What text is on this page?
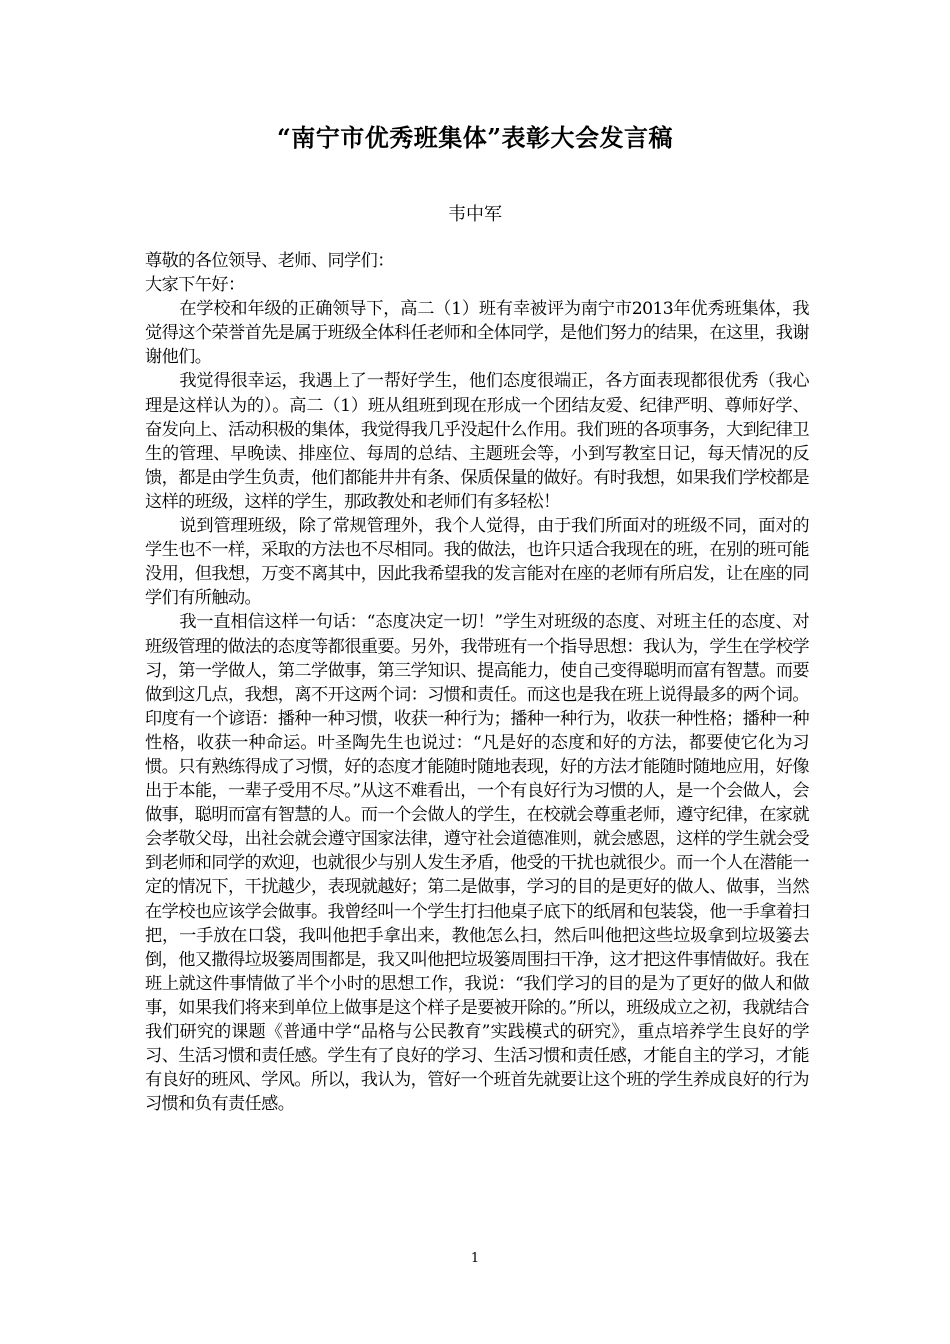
“南宁市优秀班集体”表彰大会发言稿
韦中军

尊敬的各位领导、老师、同学们：

大家下午好：

在学校和年级的正确领导下，高二（1）班有幸被评为南宁市2013年优秀班集体，我觉得这个荣誉首先是属于班级全体科任老师和全体同学，是他们努力的结果，在这里，我谢谢他们。

我觉得很幸运，我遇上了一帮好学生，他们态度很端正，各方面表现都很优秀（我心理是这样认为的）。高二（1）班从组班到现在形成一个团结友爱、纪律严明、尊师好学、奋发向上、活动积极的集体，我觉得我几乎没起什么作用。我们班的各项事务，大到纪律卫生的管理、早晚读、排座位、每周的总结、主题班会等，小到写教室日记，每天情况的反馈，都是由学生负责，他们都能井井有条、保质保量的做好。有时我想，如果我们学校都是这样的班级，这样的学生，那政教处和老师们有多轻松！

说到管理班级，除了常规管理外，我个人觉得，由于我们所面对的班级不同，面对的学生也不一样，采取的方法也不尽相同。我的做法，也许只适合我现在的班，在别的班可能没用，但我想，万变不离其中，因此我希望我的发言能对在座的老师有所启发，让在座的同学们有所触动。

我一直相信这样一句话：“态度决定一切！”学生对班级的态度、对班主任的态度、对班级管理的做法的态度等都很重要。另外，我带班有一个指导思想：我认为，学生在学校学习，第一学做人，第二学做事，第三学知识、提高能力，使自己变得聪明而富有智慧。而要做到这几点，我想，离不开这两个词：习惯和责任。而这也是我在班上说得最多的两个词。印度有一个谚语：播种一种习惯，收获一种行为；播种一种行为，收获一种性格；播种一种性格，收获一种命运。叶圣陶先生也说过：“凡是好的态度和好的方法，都要使它化为习惯。只有熟练得成了习惯，好的态度才能随时随地表现，好的方法才能随时随地应用，好像出于本能，一辈子受用不尽。”从这不难看出，一个有良好行为习惯的人，是一个会做人，会做事，聪明而富有智慧的人。而一个会做人的学生，在校就会尊重老师，遵守纪律，在家就会孝敬父母，出社会就会遵守国家法律，遵守社会道德准则，就会感恩，这样的学生就会受到老师和同学的欢迎，也就很少与别人发生矛盾，他受的干扰也就很少。而一个人在潜能一定的情况下，干扰越少，表现就越好；第二是做事，学习的目的是更好的做人、做事，当然在学校也应该学会做事。我曾经叫一个学生打扫他桌子底下的纸屑和包装袋，他一手拿着扫把，一手放在口袋，我叫他把手拿出来，教他怎么扫，然后叫他把这些垃圾拿到垃圾篓去倒，他又撒得垃圾篓周围都是，我又叫他把垃圾篓周围扫干净，这才把这件事情做好。我在班上就这件事情做了半个小时的思想工作，我说：“我们学习的目的是为了更好的做人和做事，如果我们将来到单位上做事是这个样子是要被开除的。”所以，班级成立之初，我就结合我们研究的课题《普通中学“品格与公民教育”实践模式的研究》，重点培养学生良好的学习、生活习惯和责任感。学生有了良好的学习、生活习惯和责任感，才能自主的学习，才能有良好的班风、学风。所以，我认为，管好一个班首先就要让这个班的学生养成良好的行为习惯和负有责任感。

1
